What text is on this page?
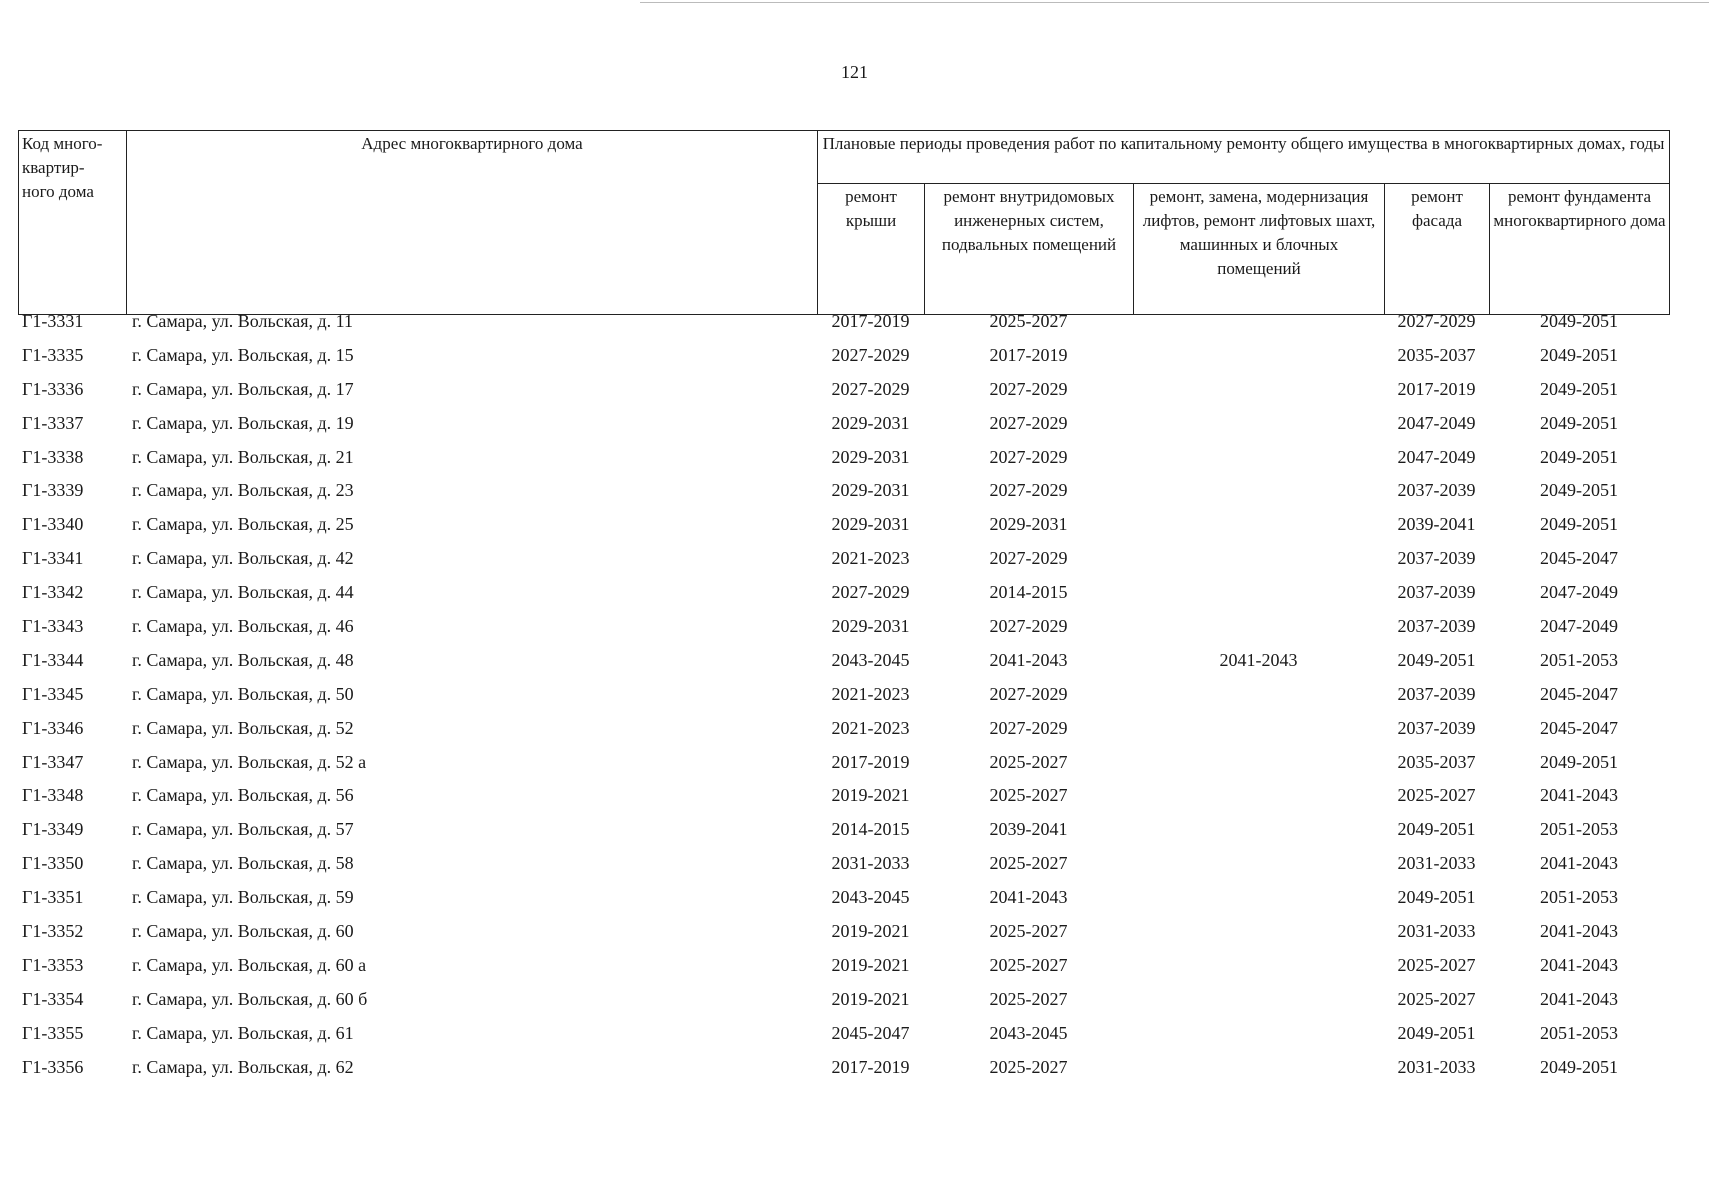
121
Код много-
квартир-
ного дома	Адрес многоквартирного дома	Плановые периоды проведения работ по капитальному ремонту общего имущества в многоквартирных домах, годы				
		ремонт крыши	ремонт внутридомовых инженерных систем, подвальных помещений	ремонт, замена, модернизация лифтов, ремонт лифтовых шахт, машинных и блочных помещений	ремонт фасада	ремонт фундамента многоквартирного дома
Г1-3331	г. Самара, ул. Вольская, д. 11	2017-2019	2025-2027		2027-2029	2049-2051
Г1-3335	г. Самара, ул. Вольская, д. 15	2027-2029	2017-2019		2035-2037	2049-2051
Г1-3336	г. Самара, ул. Вольская, д. 17	2027-2029	2027-2029		2017-2019	2049-2051
Г1-3337	г. Самара, ул. Вольская, д. 19	2029-2031	2027-2029		2047-2049	2049-2051
Г1-3338	г. Самара, ул. Вольская, д. 21	2029-2031	2027-2029		2047-2049	2049-2051
Г1-3339	г. Самара, ул. Вольская, д. 23	2029-2031	2027-2029		2037-2039	2049-2051
Г1-3340	г. Самара, ул. Вольская, д. 25	2029-2031	2029-2031		2039-2041	2049-2051
Г1-3341	г. Самара, ул. Вольская, д. 42	2021-2023	2027-2029		2037-2039	2045-2047
Г1-3342	г. Самара, ул. Вольская, д. 44	2027-2029	2014-2015		2037-2039	2047-2049
Г1-3343	г. Самара, ул. Вольская, д. 46	2029-2031	2027-2029		2037-2039	2047-2049
Г1-3344	г. Самара, ул. Вольская, д. 48	2043-2045	2041-2043	2041-2043	2049-2051	2051-2053
Г1-3345	г. Самара, ул. Вольская, д. 50	2021-2023	2027-2029		2037-2039	2045-2047
Г1-3346	г. Самара, ул. Вольская, д. 52	2021-2023	2027-2029		2037-2039	2045-2047
Г1-3347	г. Самара, ул. Вольская, д. 52 а	2017-2019	2025-2027		2035-2037	2049-2051
Г1-3348	г. Самара, ул. Вольская, д. 56	2019-2021	2025-2027		2025-2027	2041-2043
Г1-3349	г. Самара, ул. Вольская, д. 57	2014-2015	2039-2041		2049-2051	2051-2053
Г1-3350	г. Самара, ул. Вольская, д. 58	2031-2033	2025-2027		2031-2033	2041-2043
Г1-3351	г. Самара, ул. Вольская, д. 59	2043-2045	2041-2043		2049-2051	2051-2053
Г1-3352	г. Самара, ул. Вольская, д. 60	2019-2021	2025-2027		2031-2033	2041-2043
Г1-3353	г. Самара, ул. Вольская, д. 60 а	2019-2021	2025-2027		2025-2027	2041-2043
Г1-3354	г. Самара, ул. Вольская, д. 60 б	2019-2021	2025-2027		2025-2027	2041-2043
Г1-3355	г. Самара, ул. Вольская, д. 61	2045-2047	2043-2045		2049-2051	2051-2053
Г1-3356	г. Самара, ул. Вольская, д. 62	2017-2019	2025-2027		2031-2033	2049-2051
